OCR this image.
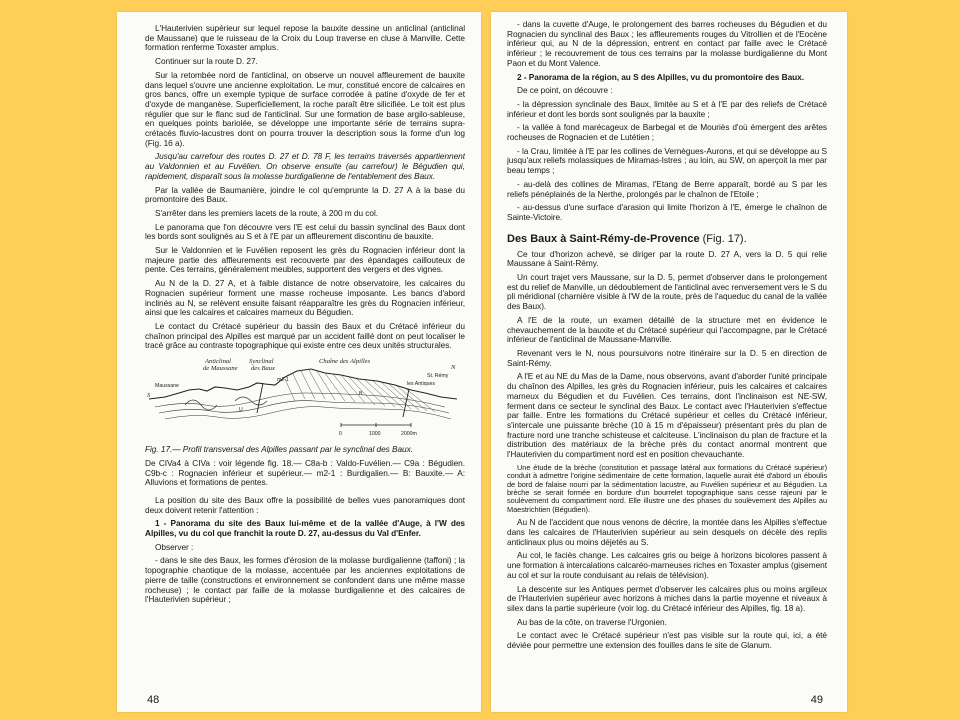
L'Hauterivien supérieur sur lequel repose la bauxite dessine un anticlinal (anticlinal de Maussane) que le ruisseau de la Croix du Loup traverse en cluse à Manville. Cette formation renferme Toxaster amplus.

Continuer sur la route D. 27.

Sur la retombée nord de l'anticlinal, on observe un nouvel affleurement de bauxite dans lequel s'ouvre une ancienne exploitation. Le mur, constitué encore de calcaires en gros bancs, offre un exemple typique de surface corrodée à patine d'oxyde de fer et d'oxyde de manganèse. Superficiellement, la roche paraît être silicifiée. Le toit est plus régulier que sur le flanc sud de l'anticlinal. Sur une formation de base argilo-sableuse, en quelques points bariolée, se développe une importante série de terrains supra-crétacés fluvio-lacustres dont on pourra trouver la description sous la forme d'un log (Fig. 16 a).

Jusqu'au carrefour des routes D. 27 et D. 78 F, les terrains traversés appartiennent au Valdonnien et au Fuvélien. On observe ensuite (au carrefour) le Bégudien qui, rapidement, disparaît sous la molasse burdigalienne de l'entablement des Baux.

Par la vallée de Baumanière, joindre le col qu'emprunte la D. 27 A à la base du promontoire des Baux.

S'arrêter dans les premiers lacets de la route, à 200 m du col.

Le panorama que l'on découvre vers l'E est celui du bassin synclinal des Baux dont les bords sont soulignés au S et à l'E par un affleurement discontinu de bauxite.

Sur le Valdonnien et le Fuvélien reposent les grès du Rognacien inférieur dont la majeure partie des affleurements est recouverte par des épandages caillouteux de pente. Ces terrains, généralement meubles, supportent des vergers et des vignes.

Au N de la D. 27 A, et à faible distance de notre observatoire, les calcaires du Rognacien supérieur forment une masse rocheuse imposante. Les bancs d'abord inclinés au N, se relèvent ensuite faisant réapparaître les grès du Rognacien inférieur, ainsi que les calcaires et calcaires marneux du Bégudien.

Le contact du Crétacé supérieur du bassin des Baux et du Crétacé inférieur du chaînon principal des Alpilles est marqué par un accident faillé dont on peut localiser le tracé grâce au contraste topographique qui existe entre ces deux unités structurales.

S
N
Anticlinal
de Maussane
Synclinal
des Baux
Chaîne des Alpilles
Maussane
St. Rémy
les Antiques
B
U
m2-1
0	1000	2000m

Fig. 17.— Profil transversal des Alpilles passant par le synclinal des Baux.

De CIVa4 à CIVa : voir légende fig. 18.— C8a-b : Valdo-Fuvélien.— C9a : Bégudien. C9b-c : Rognacien inférieur et supérieur.— m2-1 : Burdigalien.— B: Bauxite.— A: Alluvions et formations de pentes.

La position du site des Baux offre la possibilité de belles vues panoramiques dont deux doivent retenir l'attention :

1 - Panorama du site des Baux lui-même et de la vallée d'Auge, à l'W des Alpilles, vu du col que franchit la route D. 27, au-dessus du Val d'Enfer.

Observer :

- dans le site des Baux, les formes d'érosion de la molasse burdigalienne (taffoni) ; la topographie chaotique de la molasse, accentuée par les anciennes exploitations de pierre de taille (constructions et environnement se confondent dans une même masse rocheuse) ; le contact par faille de la molasse burdigalienne et des calcaires de l'Hauterivien supérieur ;

48

- dans la cuvette d'Auge, le prolongement des barres rocheuses du Bégudien et du Rognacien du synclinal des Baux ; les affleurements rouges du Vitrollien et de l'Eocène inférieur qui, au N de la dépression, entrent en contact par faille avec le Crétacé inférieur ; le recouvrement de tous ces terrains par la molasse burdigalienne du Mont Paon et du Mont Valence.

2 - Panorama de la région, au S des Alpilles, vu du promontoire des Baux.

De ce point, on découvre :

- la dépression synclinale des Baux, limitée au S et à l'E par des reliefs de Crétacé inférieur et dont les bords sont soulignés par la bauxite ;

- la vallée à fond marécageux de Barbegal et de Mouriès d'où émergent des arêtes rocheuses de Rognacien et de Lutétien ;

- la Crau, limitée à l'E par les collines de Vernègues-Aurons, et qui se développe au S jusqu'aux reliefs molassiques de Miramas-Istres ; au loin, au SW, on aperçoit la mer par beau temps ;

- au-delà des collines de Miramas, l'Etang de Berre apparaît, bordé au S par les reliefs pénéplainés de la Nerthe, prolongés par le chaînon de l'Etoile ;

- au-dessus d'une surface d'arasion qui limite l'horizon à l'E, émerge le chaînon de Sainte-Victoire.

Des Baux à Saint-Rémy-de-Provence (Fig. 17).

Ce tour d'horizon achevé, se diriger par la route D. 27 A, vers la D. 5 qui relie Maussane à Saint-Rémy.

Un court trajet vers Maussane, sur la D. 5, permet d'observer dans le prolongement est du relief de Manville, un dédoublement de l'anticlinal avec renversement vers le S du pli méridional (charnière visible à l'W de la route, près de l'aqueduc du canal de la vallée des Baux).

A l'E de la route, un examen détaillé de la structure met en évidence le chevauchement de la bauxite et du Crétacé supérieur qui l'accompagne, par le Crétacé inférieur de l'anticlinal de Maussane-Manville.

Revenant vers le N, nous poursuivons notre itinéraire sur la D. 5 en direction de Saint-Rémy.

A l'E et au NE du Mas de la Dame, nous observons, avant d'aborder l'unité principale du chaînon des Alpilles, les grès du Rognacien inférieur, puis les calcaires et calcaires marneux du Bégudien et du Fuvélien. Ces terrains, dont l'inclinaison est NE-SW, ferment dans ce secteur le synclinal des Baux. Le contact avec l'Hauterivien s'effectue par faille. Entre les formations du Crétacé supérieur et celles du Crétacé inférieur, s'intercale une puissante brèche (10 à 15 m d'épaisseur) présentant près du plan de fracture nord une tranche schisteuse et calciteuse. L'inclinaison du plan de fracture et la distribution des matériaux de la brèche près du contact anormal montrent que l'Hauterivien du compartiment nord est en position chevauchante.

Une étude de la brèche (constitution et passage latéral aux formations du Crétacé supérieur) conduit à admettre l'origine sédimentaire de cette formation, laquelle aurait été d'abord un éboulis de bord de falaise nourri par la sédimentation lacustre, au Fuvélien supérieur et au Bégudien. La brèche se serait formée en bordure d'un bourrelet topographique sans cesse rajeuni par le soulèvement du compartiment nord. Elle illustre une des phases du soulèvement des Alpilles au Maestrichtien (Bégudien).

Au N de l'accident que nous venons de décrire, la montée dans les Alpilles s'effectue dans les calcaires de l'Hauterivien supérieur au sein desquels on décèle des replis anticlinaux plus ou moins déjetés au S.

Au col, le faciès change. Les calcaires gris ou beige à horizons bicolores passent à une formation à intercalations calcaréo-marneuses riches en Toxaster amplus (gisement au col et sur la route conduisant au relais de télévision).

La descente sur les Antiques permet d'observer les calcaires plus ou moins argileux de l'Hauterivien supérieur avec horizons à miches dans la partie moyenne et niveaux à silex dans la partie supérieure (voir log. du Crétacé inférieur des Alpilles, fig. 18 a).

Au bas de la côte, on traverse l'Urgonien.

Le contact avec le Crétacé supérieur n'est pas visible sur la route qui, ici, a été déviée pour permettre une extension des fouilles dans le site de Glanum.

49
